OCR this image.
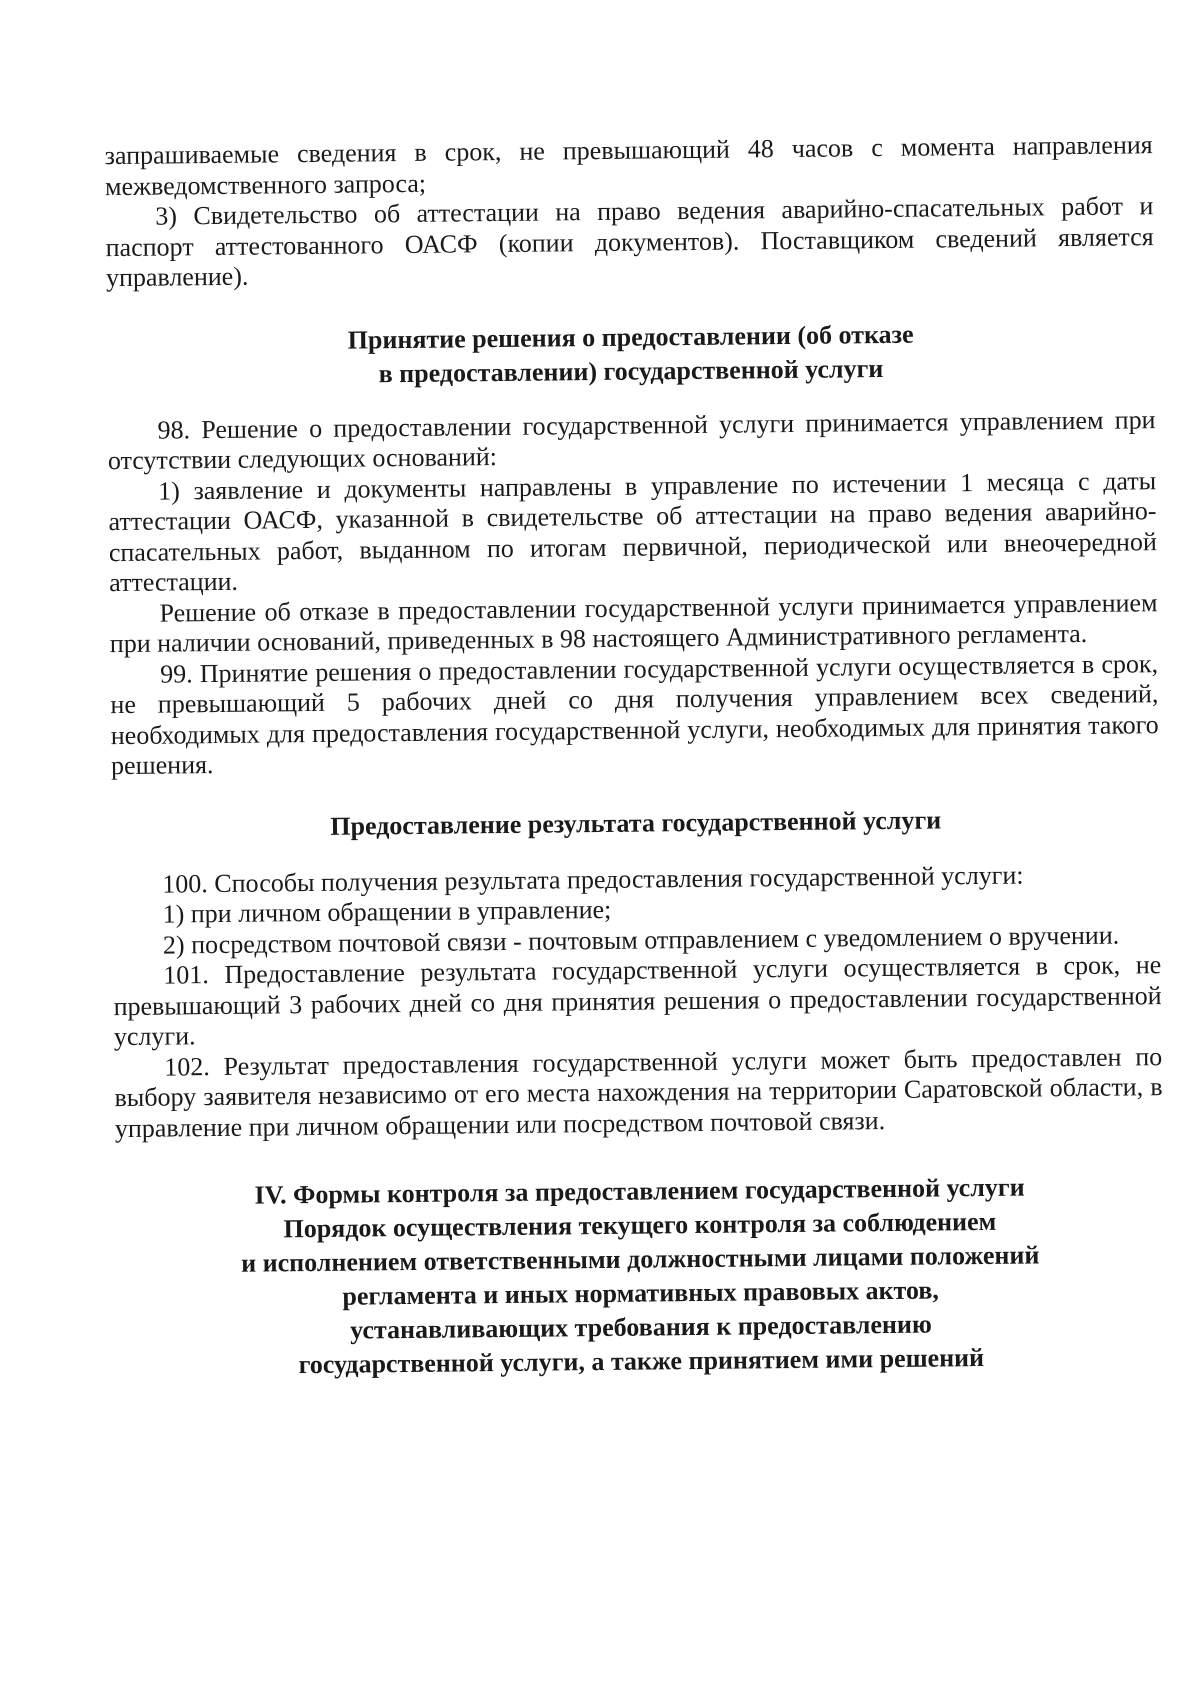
запрашиваемые сведения в срок, не превышающий 48 часов с момента направления межведомственного запроса;

3) Свидетельство об аттестации на право ведения аварийно-спасательных работ и паспорт аттестованного ОАСФ (копии документов). Поставщиком сведений является управление).

Принятие решения о предоставлении (об отказе
в предоставлении) государственной услуги

98. Решение о предоставлении государственной услуги принимается управлением при отсутствии следующих оснований:

1) заявление и документы направлены в управление по истечении 1 месяца с даты аттестации ОАСФ, указанной в свидетельстве об аттестации на право ведения аварийно-спасательных работ, выданном по итогам первичной, периодической или внеочередной аттестации.

Решение об отказе в предоставлении государственной услуги принимается управлением при наличии оснований, приведенных в 98 настоящего Административного регламента.

99. Принятие решения о предоставлении государственной услуги осуществляется в срок, не превышающий 5 рабочих дней со дня получения управлением всех сведений, необходимых для предоставления государственной услуги, необходимых для принятия такого решения.

Предоставление результата государственной услуги

100. Способы получения результата предоставления государственной услуги:

1) при личном обращении в управление;

2) посредством почтовой связи - почтовым отправлением с уведомлением о вручении.

101. Предоставление результата государственной услуги осуществляется в срок, не превышающий 3 рабочих дней со дня принятия решения о предоставлении государственной услуги.

102. Результат предоставления государственной услуги может быть предоставлен по выбору заявителя независимо от его места нахождения на территории Саратовской области, в управление при личном обращении или посредством почтовой связи.

IV. Формы контроля за предоставлением государственной услуги
Порядок осуществления текущего контроля за соблюдением
и исполнением ответственными должностными лицами положений
регламента и иных нормативных правовых актов,
устанавливающих требования к предоставлению
государственной услуги, а также принятием ими решений
